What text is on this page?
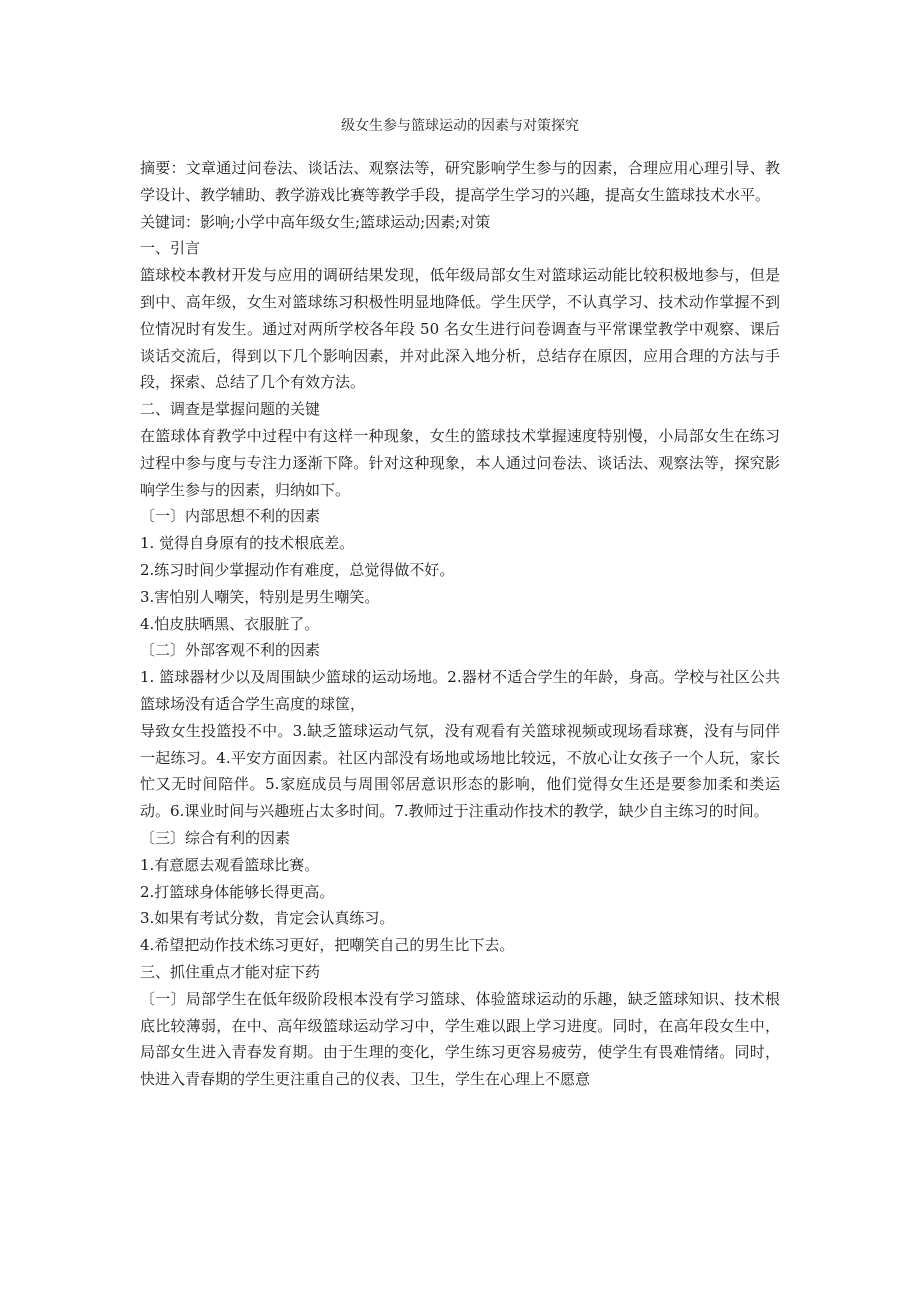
级女生参与篮球运动的因素与对策探究

摘要：文章通过问卷法、谈话法、观察法等，研究影响学生参与的因素，合理应用心理引导、教学设计、教学辅助、教学游戏比赛等教学手段，提高学生学习的兴趣，提高女生篮球技术水平。

关键词：影响;小学中高年级女生;篮球运动;因素;对策

一、引言

篮球校本教材开发与应用的调研结果发现，低年级局部女生对篮球运动能比较积极地参与，但是到中、高年级，女生对篮球练习积极性明显地降低。学生厌学，不认真学习、技术动作掌握不到位情况时有发生。通过对两所学校各年段 50 名女生进行问卷调查与平常课堂教学中观察、课后谈话交流后，得到以下几个影响因素，并对此深入地分析，总结存在原因，应用合理的方法与手段，探索、总结了几个有效方法。

二、调查是掌握问题的关键

在篮球体育教学中过程中有这样一种现象，女生的篮球技术掌握速度特别慢，小局部女生在练习过程中参与度与专注力逐渐下降。针对这种现象，本人通过问卷法、谈话法、观察法等，探究影响学生参与的因素，归纳如下。

〔一〕内部思想不利的因素

1. 觉得自身原有的技术根底差。

2.练习时间少掌握动作有难度，总觉得做不好。

3.害怕别人嘲笑，特别是男生嘲笑。

4.怕皮肤晒黑、衣服脏了。

〔二〕外部客观不利的因素

1. 篮球器材少以及周围缺少篮球的运动场地。2.器材不适合学生的年龄，身高。学校与社区公共篮球场没有适合学生高度的球筐，

导致女生投篮投不中。3.缺乏篮球运动气氛，没有观看有关篮球视频或现场看球赛，没有与同伴一起练习。4.平安方面因素。社区内部没有场地或场地比较远，不放心让女孩子一个人玩，家长忙又无时间陪伴。5.家庭成员与周围邻居意识形态的影响，他们觉得女生还是要参加柔和类运动。6.课业时间与兴趣班占太多时间。7.教师过于注重动作技术的教学，缺少自主练习的时间。

〔三〕综合有利的因素

1.有意愿去观看篮球比赛。

2.打篮球身体能够长得更高。

3.如果有考试分数，肯定会认真练习。

4.希望把动作技术练习更好，把嘲笑自己的男生比下去。

三、抓住重点才能对症下药

〔一〕局部学生在低年级阶段根本没有学习篮球、体验篮球运动的乐趣，缺乏篮球知识、技术根底比较薄弱，在中、高年级篮球运动学习中，学生难以跟上学习进度。同时，在高年段女生中，局部女生进入青春发育期。由于生理的变化，学生练习更容易疲劳，使学生有畏难情绪。同时，快进入青春期的学生更注重自己的仪表、卫生，学生在心理上不愿意
